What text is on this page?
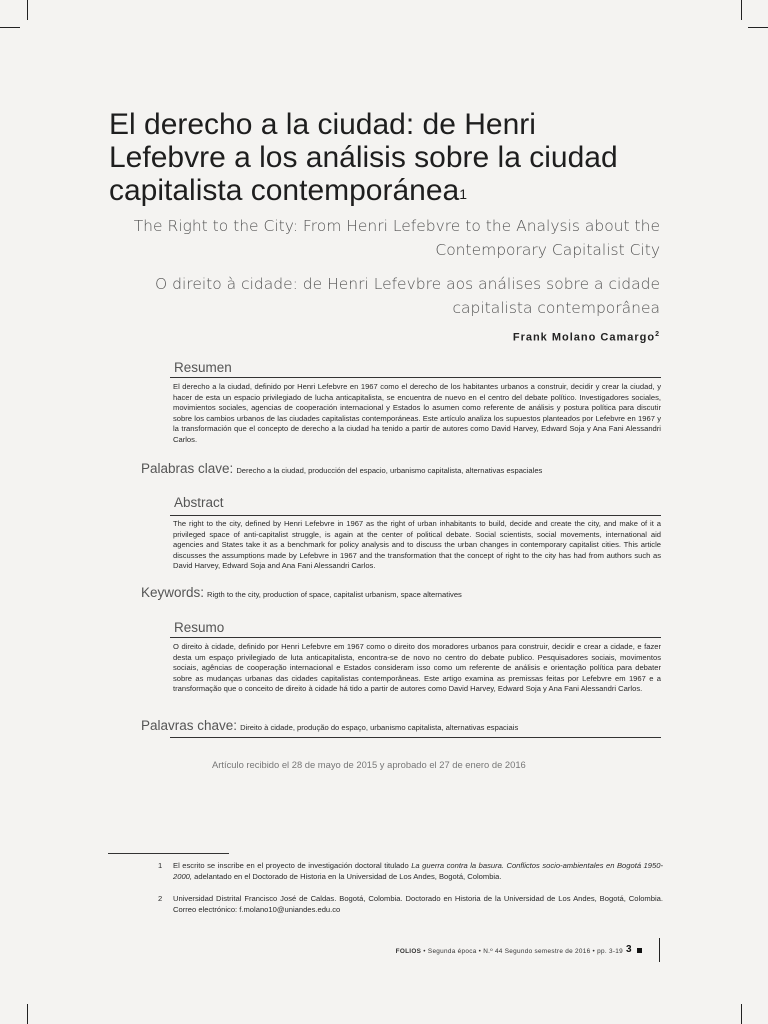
El derecho a la ciudad: de Henri
Lefebvre a los análisis sobre la ciudad
capitalista contemporánea$^1$

The Right to the City: From Henri Lefebvre to the Analysis about the
Contemporary Capitalist City

O direito à cidade: de Henri Lefevbre aos análises sobre a cidade
capitalista contemporânea

Frank Molano Camargo$^2$
Resumen

El derecho a la ciudad, definido por Henri Lefebvre en 1967 como el derecho de los habitantes urbanos a construir, decidir y crear la ciudad, y hacer de esta un espacio privilegiado de lucha anticapitalista, se encuentra de nuevo en el centro del debate político. Investigadores sociales, movimientos sociales, agencias de cooperación internacional y Estados lo asumen como referente de análisis y postura política para discutir sobre los cambios urbanos de las ciudades capitalistas contemporáneas. Este artículo analiza los supuestos planteados por Lefebvre en 1967 y la transformación que el concepto de derecho a la ciudad ha tenido a partir de autores como David Harvey, Edward Soja y Ana Fani Alessandri Carlos.

Palabras clave: Derecho a la ciudad, producción del espacio, urbanismo capitalista, alternativas espaciales
Abstract

The right to the city, defined by Henri Lefebvre in 1967 as the right of urban inhabitants to build, decide and create the city, and make of it a privileged space of anti-capitalist struggle, is again at the center of political debate. Social scientists, social movements, international aid agencies and States take it as a benchmark for policy analysis and to discuss the urban changes in contemporary capitalist cities. This article discusses the assumptions made by Lefebvre in 1967 and the transformation that the concept of right to the city has had from authors such as David Harvey, Edward Soja and Ana Fani Alessandri Carlos.

Keywords: Rigth to the city, production of space, capitalist urbanism, space alternatives
Resumo

O direito à cidade, definido por Henri Lefebvre em 1967 como o direito dos moradores urbanos para construir, decidir e crear a cidade, e fazer desta um espaço privilegiado de luta anticapitalista, encontra-se de novo no centro do debate publico. Pesquisadores sociais, movimentos sociais, agências de cooperação internacional e Estados consideram isso como um referente de análisis e orientação política para debater sobre as mudanças urbanas das cidades capitalistas contemporâneas. Este artigo examina as premissas feitas por Lefebvre em 1967 e a transformação que o conceito de direito à cidade há tido a partir de autores como David Harvey, Edward Soja y Ana Fani Alessandri Carlos.

Palavras chave: Direito à cidade, produção do espaço, urbanismo capitalista, alternativas espaciais
Artículo recibido el 28 de mayo de 2015 y aprobado el 27 de enero de 2016
1 El escrito se inscribe en el proyecto de investigación doctoral titulado La guerra contra la basura. Conflictos socio-ambientales en Bogotá 1950-2000, adelantado en el Doctorado de Historia en la Universidad de Los Andes, Bogotá, Colombia.
2 Universidad Distrital Francisco José de Caldas. Bogotá, Colombia. Doctorado en Historia de la Universidad de Los Andes, Bogotá, Colombia. Correo electrónico: f.molano10@uniandes.edu.co
FOLIOS • Segunda época • N.º 44 Segundo semestre de 2016 • pp. 3-19 3
